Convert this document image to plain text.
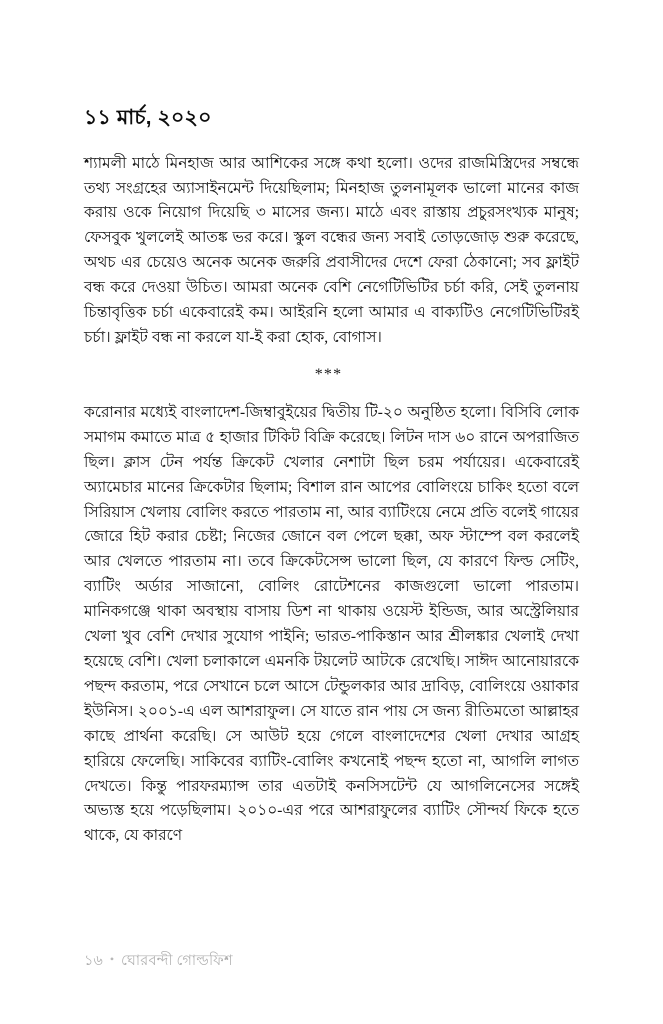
১১ মার্চ, ২০২০

শ্যামলী মাঠে মিনহাজ আর আশিকের সঙ্গে কথা হলো। ওদের রাজমিস্ত্রিদের সম্বন্ধে তথ্য সংগ্রহের অ্যাসাইনমেন্ট দিয়েছিলাম; মিনহাজ তুলনামূলক ভালো মানের কাজ করায় ওকে নিয়োগ দিয়েছি ৩ মাসের জন্য। মাঠে এবং রাস্তায় প্রচুরসংখ্যক মানুষ; ফেসবুক খুললেই আতঙ্ক ভর করে। স্কুল বন্ধের জন্য সবাই তোড়জোড় শুরু করেছে, অথচ এর চেয়েও অনেক অনেক জরুরি প্রবাসীদের দেশে ফেরা ঠেকানো; সব ফ্লাইট বন্ধ করে দেওয়া উচিত। আমরা অনেক বেশি নেগেটিভিটির চর্চা করি, সেই তুলনায় চিন্তাবৃত্তিক চর্চা একেবারেই কম। আইরনি হলো আমার এ বাক্যটিও নেগেটিভিটিরই চর্চা। ফ্লাইট বন্ধ না করলে যা-ই করা হোক, বোগাস।

***

করোনার মধ্যেই বাংলাদেশ-জিম্বাবুইয়ের দ্বিতীয় টি-২০ অনুষ্ঠিত হলো। বিসিবি লোক সমাগম কমাতে মাত্র ৫ হাজার টিকিট বিক্রি করেছে। লিটন দাস ৬০ রানে অপরাজিত ছিল। ক্লাস টেন পর্যন্ত ক্রিকেট খেলার নেশাটা ছিল চরম পর্যায়ের। একেবারেই অ্যামেচার মানের ক্রিকেটার ছিলাম; বিশাল রান আপের বোলিংয়ে চাকিং হতো বলে সিরিয়াস খেলায় বোলিং করতে পারতাম না, আর ব্যাটিংয়ে নেমে প্রতি বলেই গায়ের জোরে হিট করার চেষ্টা; নিজের জোনে বল পেলে ছক্কা, অফ স্টাম্পে বল করলেই আর খেলতে পারতাম না। তবে ক্রিকেটসেন্স ভালো ছিল, যে কারণে ফিল্ড সেটিং, ব্যাটিং অর্ডার সাজানো, বোলিং রোটেশনের কাজগুলো ভালো পারতাম। মানিকগঞ্জে থাকা অবস্থায় বাসায় ডিশ না থাকায় ওয়েস্ট ইন্ডিজ, আর অস্ট্রেলিয়ার খেলা খুব বেশি দেখার সুযোগ পাইনি; ভারত-পাকিস্তান আর শ্রীলঙ্কার খেলাই দেখা হয়েছে বেশি। খেলা চলাকালে এমনকি টয়লেট আটকে রেখেছি। সাঈদ আনোয়ারকে পছন্দ করতাম, পরে সেখানে চলে আসে টেন্ডুলকার আর দ্রাবিড়, বোলিংয়ে ওয়াকার ইউনিস। ২০০১-এ এল আশরাফুল। সে যাতে রান পায় সে জন্য রীতিমতো আল্লাহর কাছে প্রার্থনা করেছি। সে আউট হয়ে গেলে বাংলাদেশের খেলা দেখার আগ্রহ হারিয়ে ফেলেছি। সাকিবের ব্যাটিং-বোলিং কখনোই পছন্দ হতো না, আগলি লাগত দেখতে। কিন্তু পারফরম্যান্স তার এতটাই কনসিসটেন্ট যে আগলিনেসের সঙ্গেই অভ্যস্ত হয়ে পড়েছিলাম। ২০১০-এর পরে আশরাফুলের ব্যাটিং সৌন্দর্য ফিকে হতে থাকে, যে কারণে

১৬ • ঘোরবন্দী গোল্ডফিশ
